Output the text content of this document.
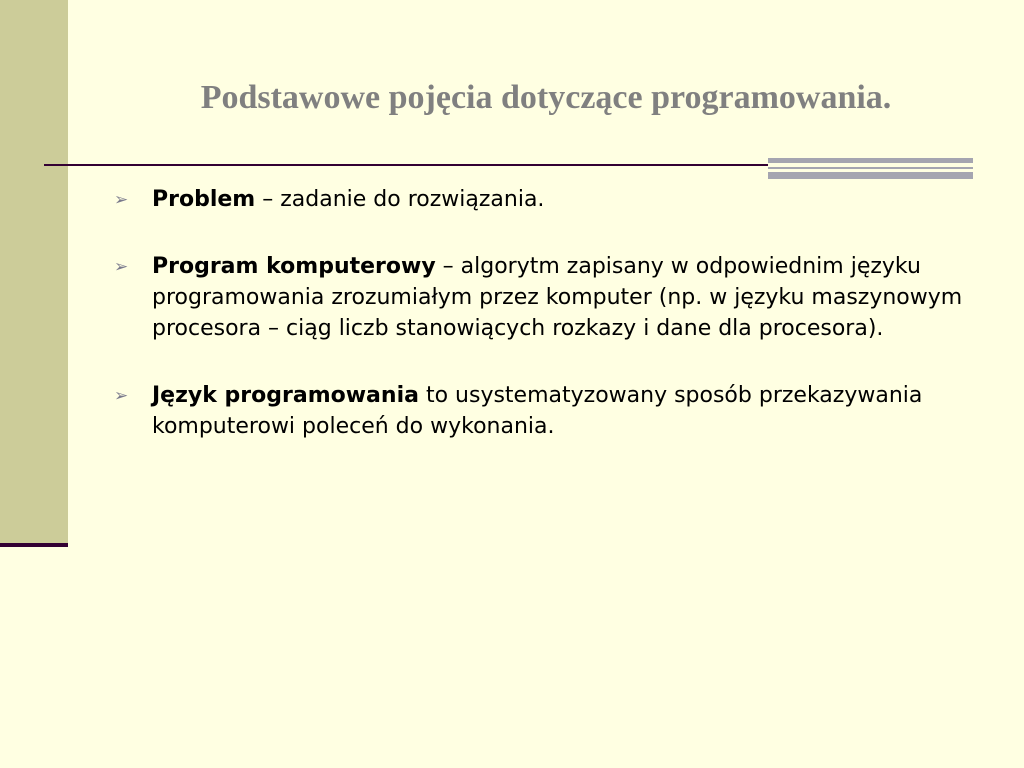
Podstawowe pojęcia dotyczące programowania.
➢ Problem – zadanie do rozwiązania.
➢ Program komputerowy – algorytm zapisany w odpowiednim języku programowania zrozumiałym przez komputer (np. w języku maszynowym procesora – ciąg liczb stanowiących rozkazy i dane dla procesora).
➢ Język programowania to usystematyzowany sposób przekazywania komputerowi poleceń do wykonania.
